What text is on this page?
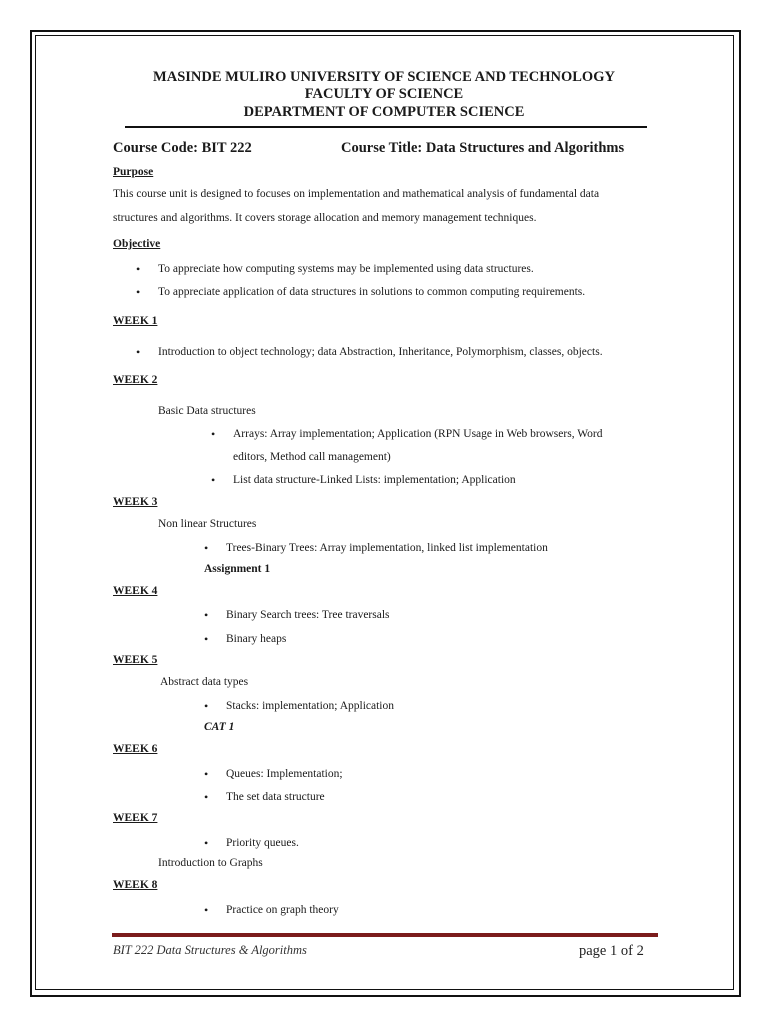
MASINDE MULIRO UNIVERSITY OF SCIENCE AND TECHNOLOGY
FACULTY OF SCIENCE
DEPARTMENT OF COMPUTER SCIENCE
Course Code: BIT 222	Course Title: Data Structures and Algorithms
Purpose
This course unit is designed to focuses on implementation and mathematical analysis of fundamental data
structures and algorithms. It covers storage allocation and memory management techniques.
Objective
• To appreciate how computing systems may be implemented using data structures.
• To appreciate application of data structures in solutions to common computing requirements.
WEEK 1
• Introduction to object technology; data Abstraction, Inheritance, Polymorphism, classes, objects.
WEEK 2
Basic Data structures
• Arrays: Array implementation; Application (RPN Usage in Web browsers, Word
editors, Method call management)
• List data structure-Linked Lists: implementation; Application
WEEK 3
Non linear Structures
• Trees-Binary Trees: Array implementation, linked list implementation
Assignment 1
WEEK 4
• Binary Search trees: Tree traversals
• Binary heaps
WEEK 5
Abstract data types
• Stacks: implementation; Application
CAT 1
WEEK 6
• Queues: Implementation;
• The set data structure
WEEK 7
• Priority queues.
Introduction to Graphs
WEEK 8
• Practice on graph theory
BIT 222 Data Structures & Algorithms	page 1 of 2
